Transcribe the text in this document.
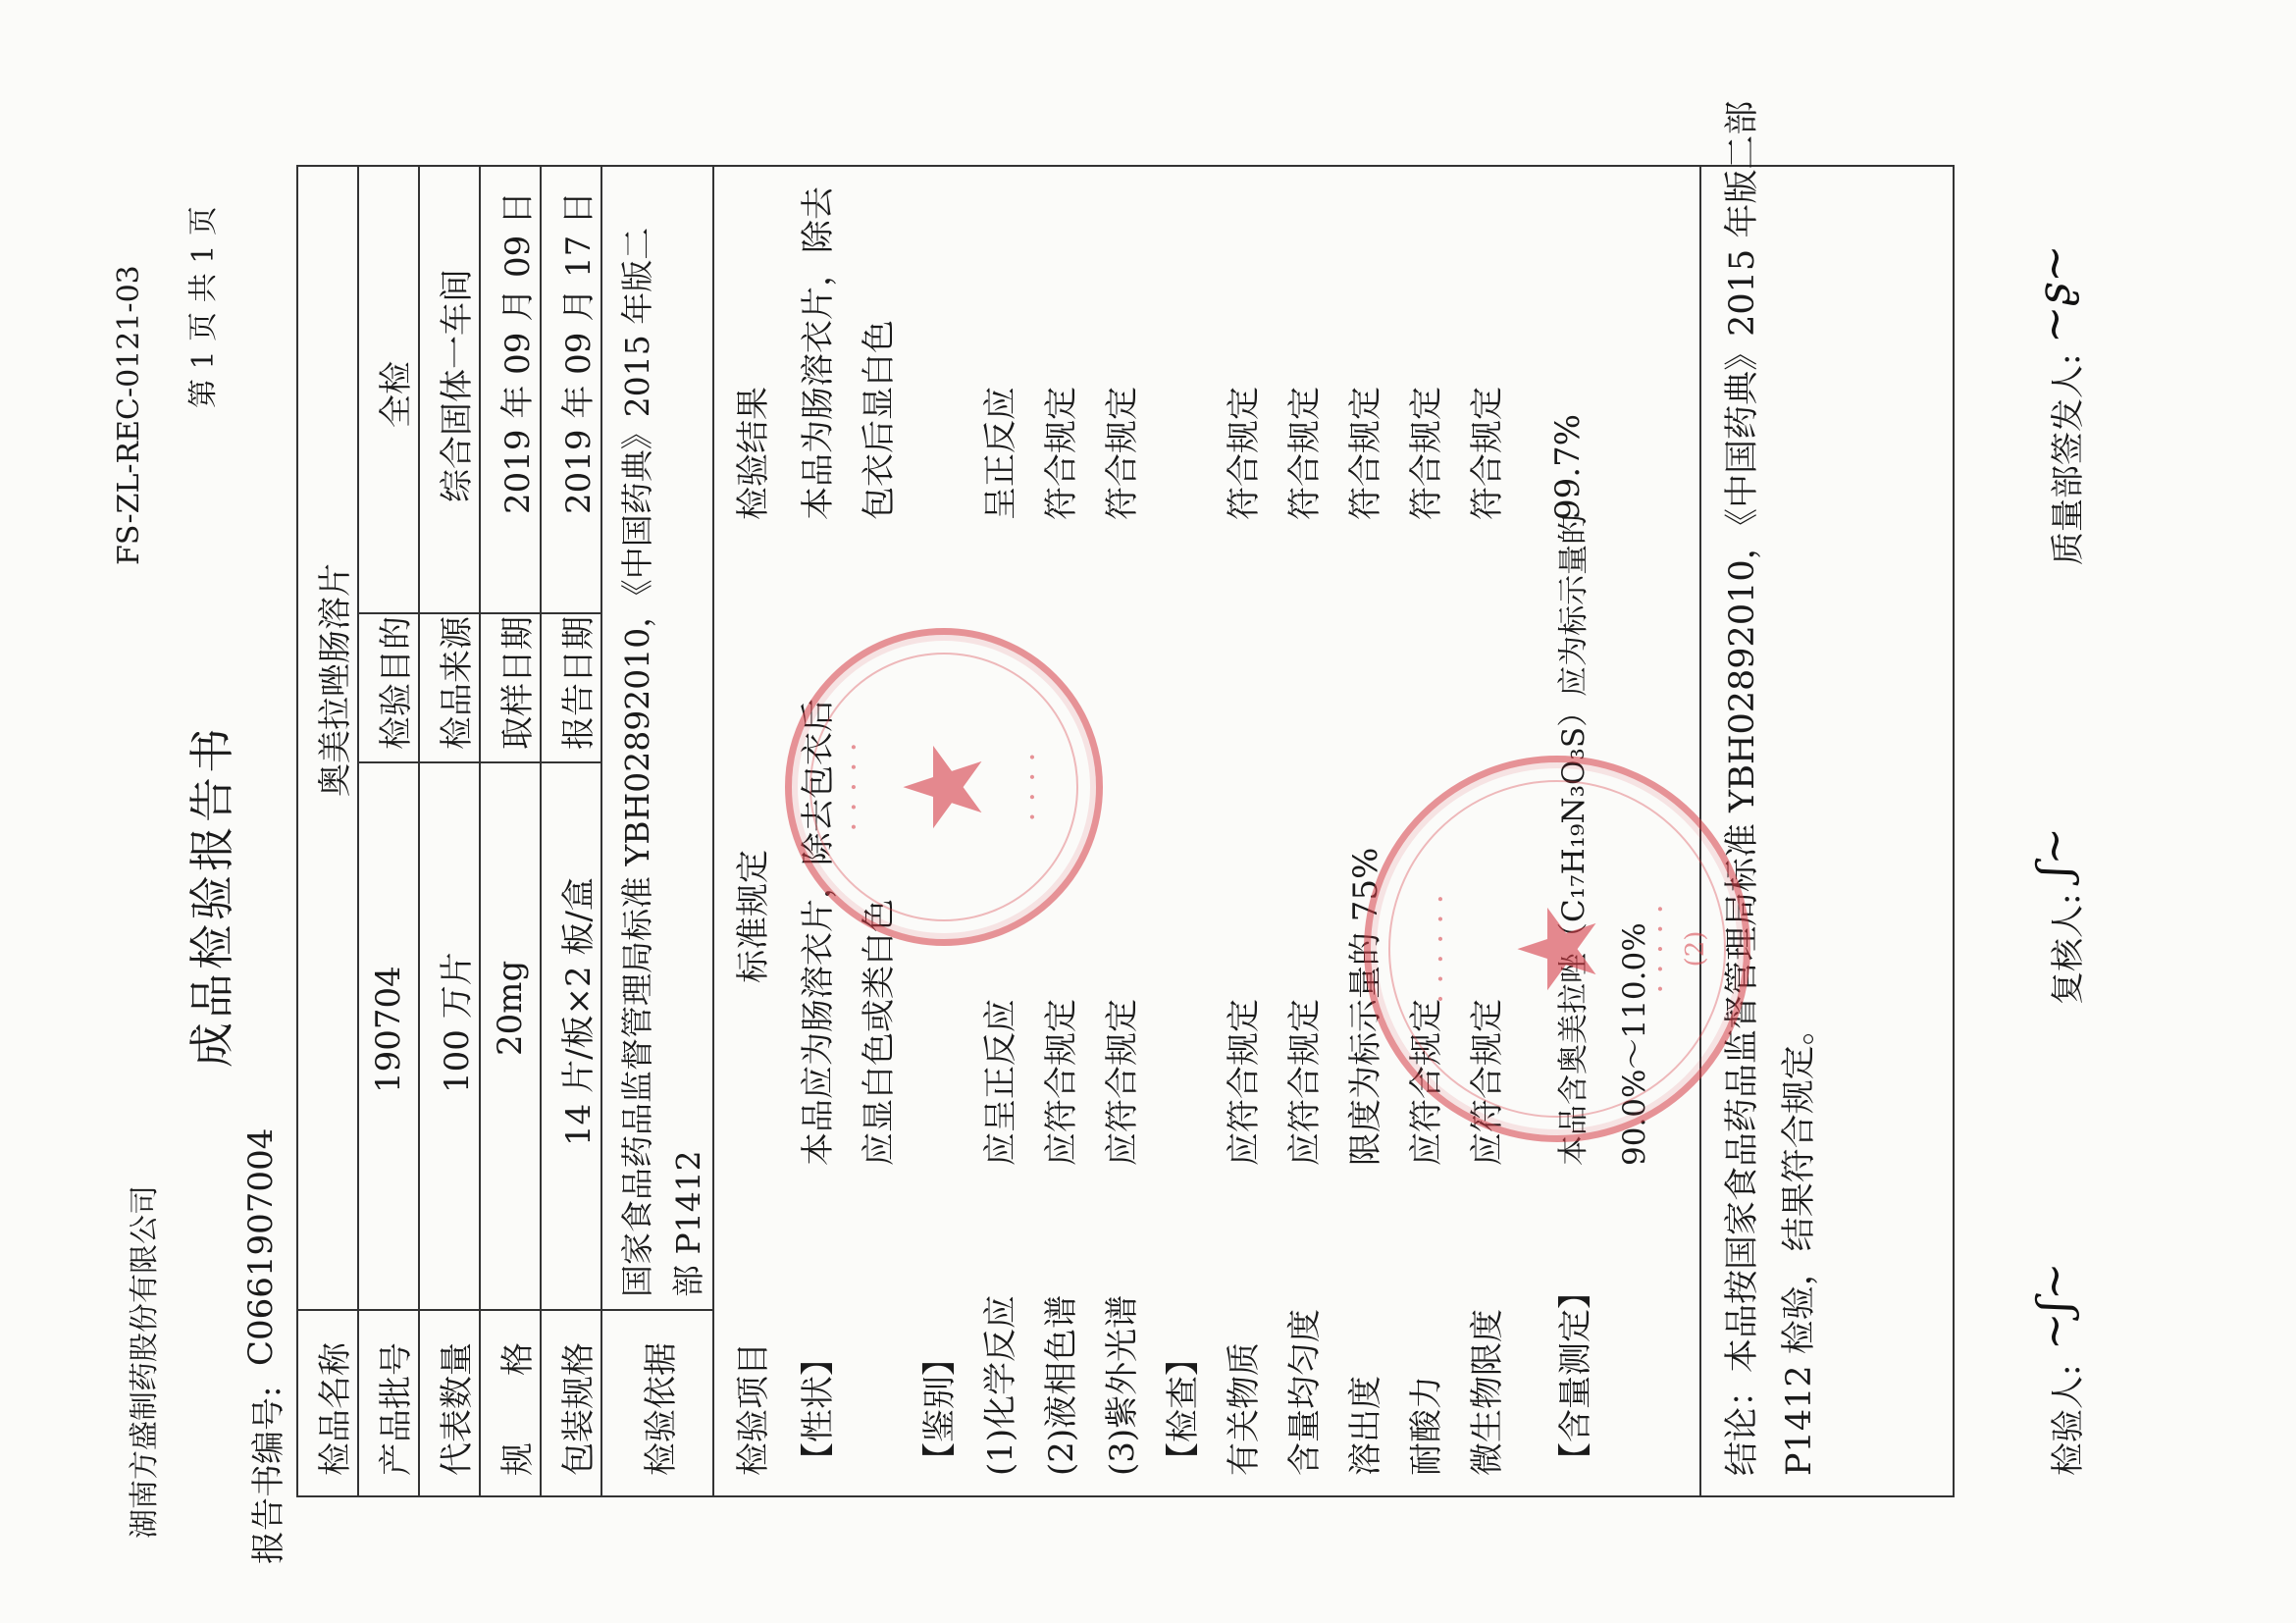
湖南方盛制药股份有限公司
FS-ZL-REC-0121-03
成品检验报告书
第 1 页 共 1 页
报告书编号:
C0661907004
检品名称
奥美拉唑肠溶片
产品批号
190704
检验目的
全检
代表数量
100 万片
检品来源
综合固体一车间
规　　格
20mg
取样日期
2019 年 09 月 09 日
包装规格
14 片/板×2 板/盒
报告日期
2019 年 09 月 17 日
检验依据
国家食品药品监督管理局标准 YBH02892010，《中国药典》2015 年版二 部 P1412
检验项目
标准规定
检验结果
【性状】
本品应为肠溶衣片，除去包衣后
本品为肠溶衣片，除去
应显白色或类白色
包衣后显白色
【鉴别】 (1)化学反应
应呈正反应
呈正反应
(2)液相色谱
应符合规定
符合规定
(3)紫外光谱
应符合规定
符合规定
【检查】 有关物质
应符合规定
符合规定
含量均匀度
应符合规定
符合规定
溶出度
限度为标示量的 75%
符合规定
耐酸力
应符合规定
符合规定
微生物限度
应符合规定
符合规定
【含量测定】
本品含奥美拉唑（C₁₇H₁₉N₃O₃S）应为标示量的
99.7%
90.0%～110.0% 结论：本品按国家食品药品监督管理局标准 YBH02892010，《中国药典》2015 年版二部 P1412 检验，结果符合规定。	检验人:
~ʃ~
复核人:
ʃ~
质量部签发人:
~ʂ~
· · · · · ★ · · · ·
· · · · · · ★ · · · · · (2)
